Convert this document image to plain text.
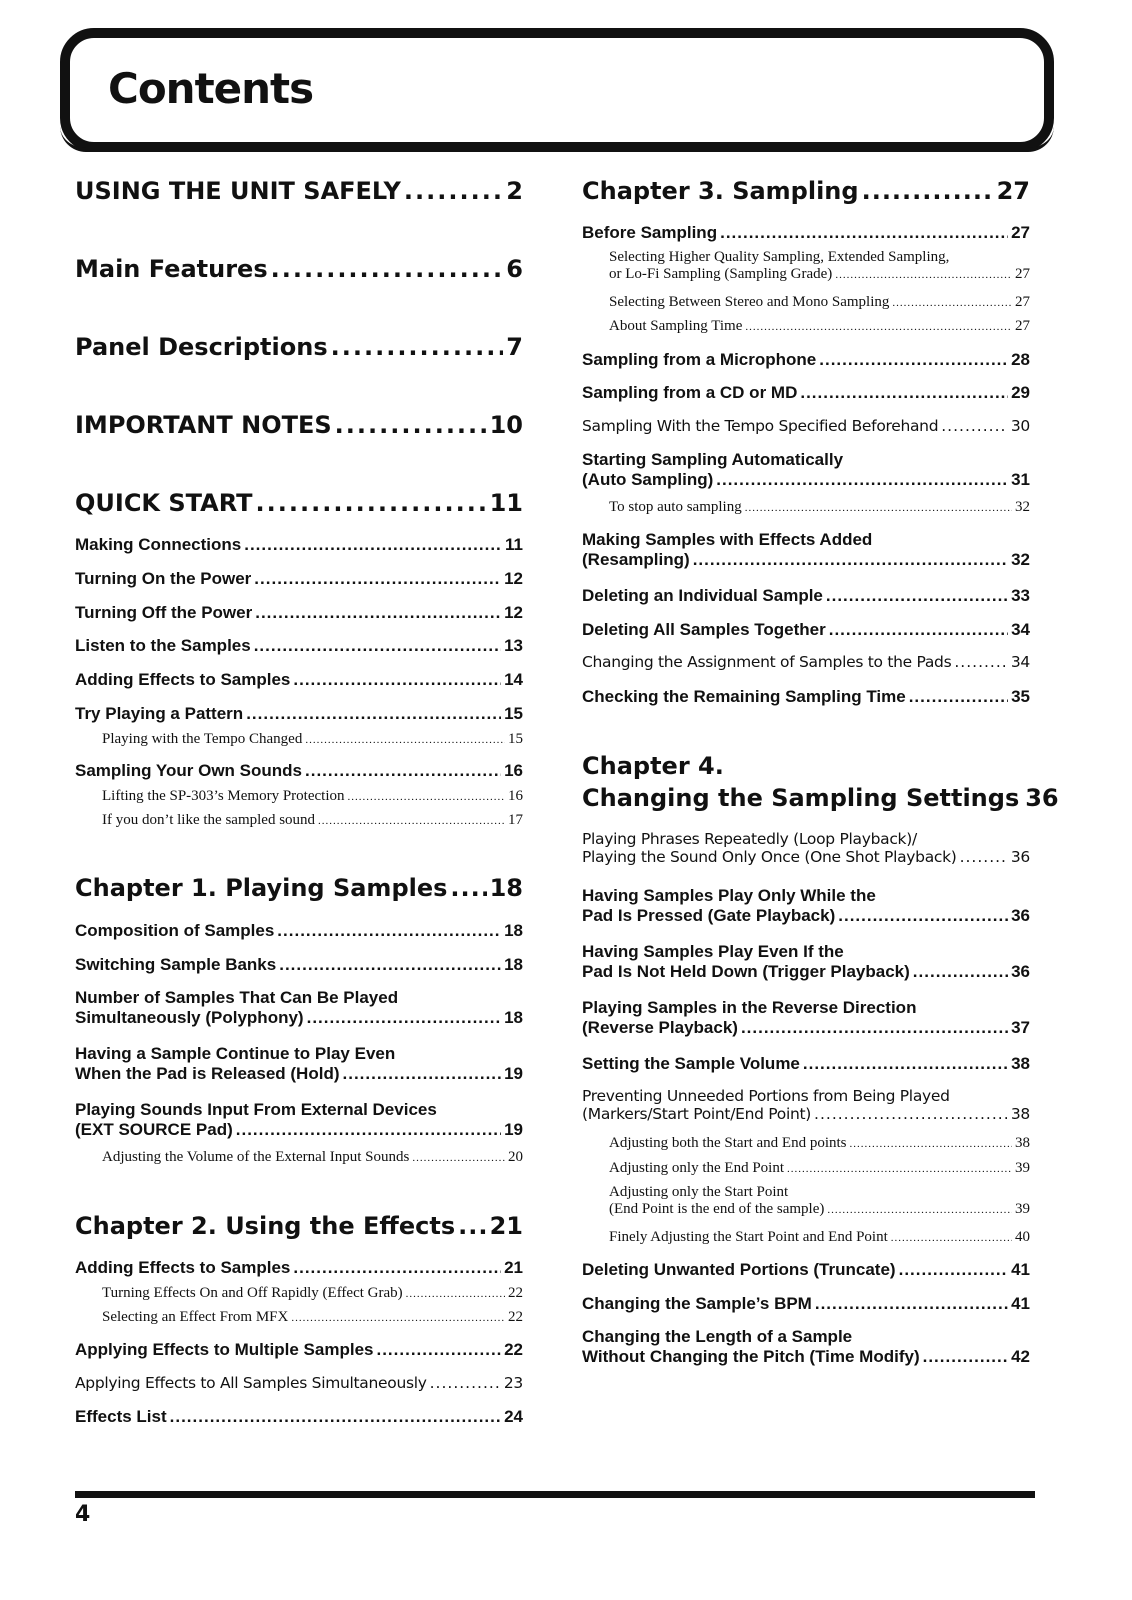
Contents
USING THE UNIT SAFELY .....	2
Main Features .....	6
Panel Descriptions .....	7
IMPORTANT NOTES .....	10
QUICK START .....	11
Making Connections .....	11
Turning On the Power .....	12
Turning Off the Power .....	12
Listen to the Samples .....	13
Adding Effects to Samples .....	14
Try Playing a Pattern .....	15
Playing with the Tempo Changed .....	15
Sampling Your Own Sounds .....	16
Lifting the SP-303’s Memory Protection .....	16
If you don’t like the sampled sound .....	17
Chapter 1. Playing Samples ..... 18
Composition of Samples .....	18
Switching Sample Banks .....	18
Number of Samples That Can Be Played
Simultaneously (Polyphony) .....	18
Having a Sample Continue to Play Even
When the Pad is Released (Hold) .....	19
Playing Sounds Input From External Devices
(EXT SOURCE Pad) .....	19
Adjusting the Volume of the External Input Sounds .....	20
Chapter 2. Using the Effects ..... 21
Adding Effects to Samples .....	21
Turning Effects On and Off Rapidly (Effect Grab) .....	22
Selecting an Effect From MFX .....	22
Applying Effects to Multiple Samples .....	22
Applying Effects to All Samples Simultaneously .....	23
Effects List .....	24
Chapter 3. Sampling .....	27
Before Sampling .....	27
Selecting Higher Quality Sampling, Extended Sampling,
or Lo-Fi Sampling (Sampling Grade) .....	27
Selecting Between Stereo and Mono Sampling .....	27
About Sampling Time .....	27
Sampling from a Microphone .....	28
Sampling from a CD or MD .....	29
Sampling With the Tempo Specified Beforehand .....	30
Starting Sampling Automatically
(Auto Sampling) .....	31
To stop auto sampling .....	32
Making Samples with Effects Added
(Resampling) .....	32
Deleting an Individual Sample .....	33
Deleting All Samples Together .....	34
Changing the Assignment of Samples to the Pads .....	34
Checking the Remaining Sampling Time .....	35
Chapter 4.
Changing the Sampling Settings 36
Playing Phrases Repeatedly (Loop Playback)/
Playing the Sound Only Once (One Shot Playback) .....	36
Having Samples Play Only While the
Pad Is Pressed (Gate Playback) .....	36
Having Samples Play Even If the
Pad Is Not Held Down (Trigger Playback) .....	36
Playing Samples in the Reverse Direction
(Reverse Playback) .....	37
Setting the Sample Volume .....	38
Preventing Unneeded Portions from Being Played
(Markers/Start Point/End Point) .....	38
Adjusting both the Start and End points .....	38
Adjusting only the End Point .....	39
Adjusting only the Start Point
(End Point is the end of the sample) .....	39
Finely Adjusting the Start Point and End Point .....	40
Deleting Unwanted Portions (Truncate) .....	41
Changing the Sample’s BPM .....	41
Changing the Length of a Sample
Without Changing the Pitch (Time Modify) .....	42
4
